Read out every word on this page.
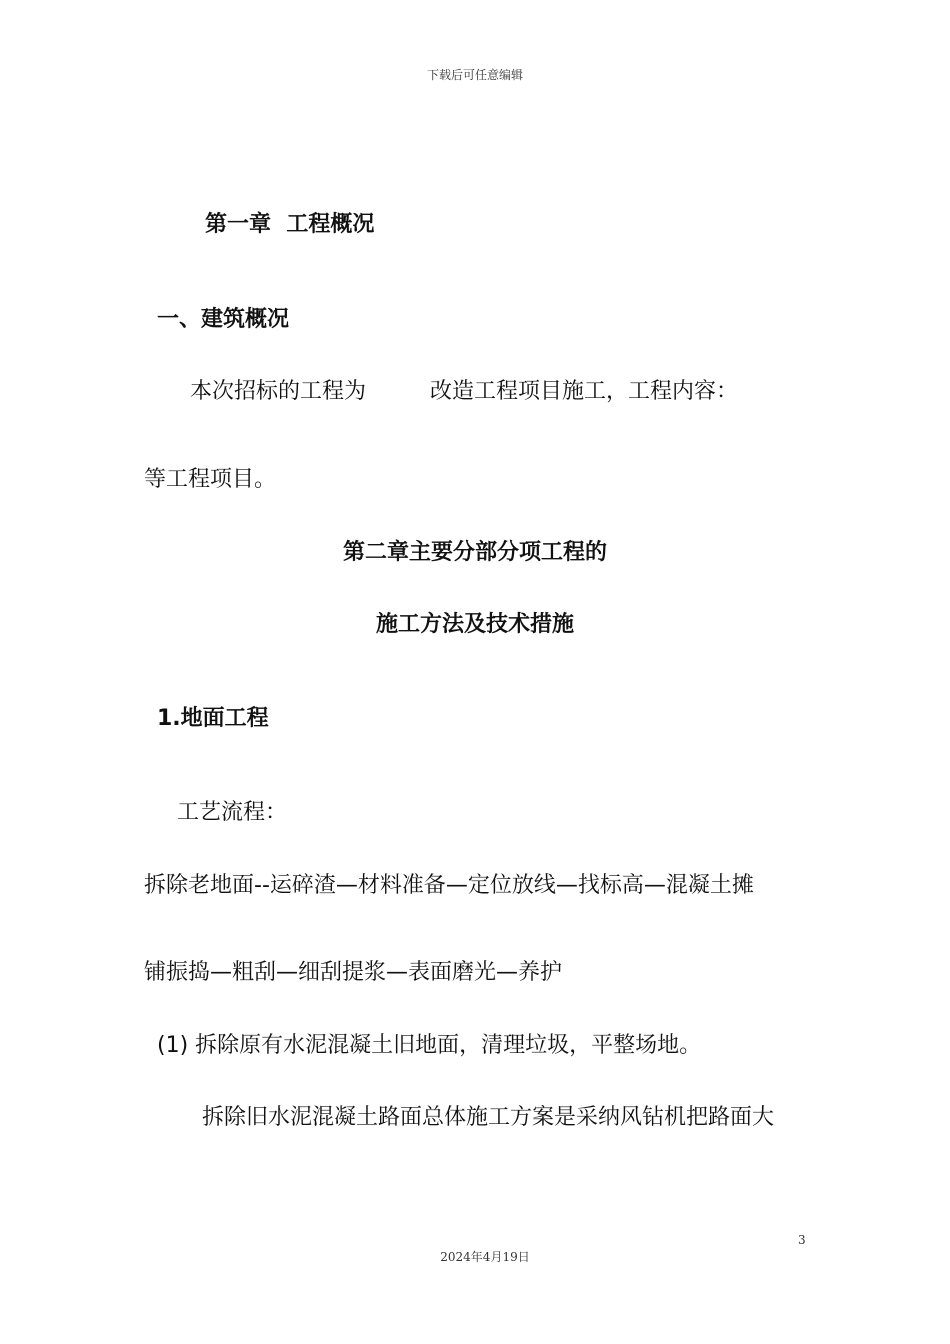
下载后可任意编辑
第一章 工程概况
一、建筑概况
本次招标的工程为	改造工程项目施工，工程内容：
等工程项目。
第二章主要分部分项工程的
施工方法及技术措施
1.地面工程
工艺流程：
拆除老地面--运碎渣—材料准备—定位放线—找标高—混凝土摊
铺振捣—粗刮—细刮提浆—表面磨光—养护
(1) 拆除原有水泥混凝土旧地面，清理垃圾，平整场地。
拆除旧水泥混凝土路面总体施工方案是采纳风钻机把路面大
3
2024年4月19日
